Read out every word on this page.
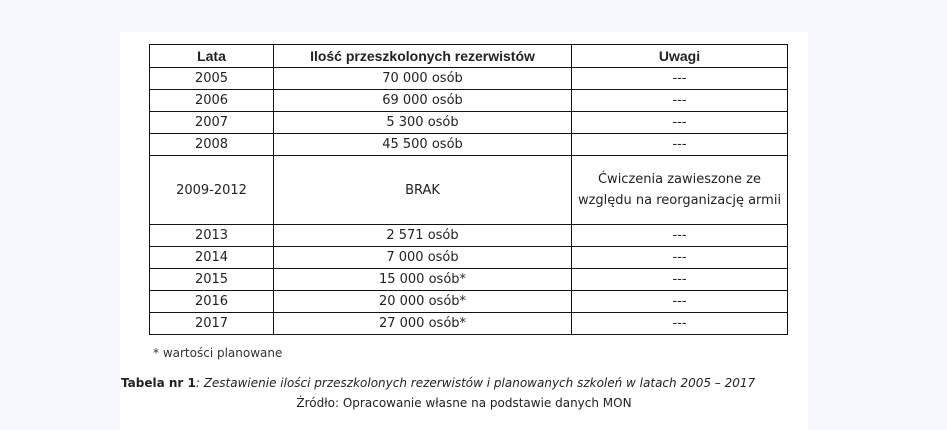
Lata	Ilość przeszkolonych rezerwistów	Uwagi
2005	70 000 osób	---
2006	69 000 osób	---
2007	5 300 osób	---
2008	45 500 osób	---
2009-2012	BRAK	Ćwiczenia zawieszone ze względu na reorganizację armii
2013	2 571 osób	---
2014	7 000 osób	---
2015	15 000 osób*	---
2016	20 000 osób*	---
2017	27 000 osób*	---
* wartości planowane
Tabela nr 1: Zestawienie ilości przeszkolonych rezerwistów i planowanych szkoleń w latach 2005 – 2017
Źródło: Opracowanie własne na podstawie danych MON
